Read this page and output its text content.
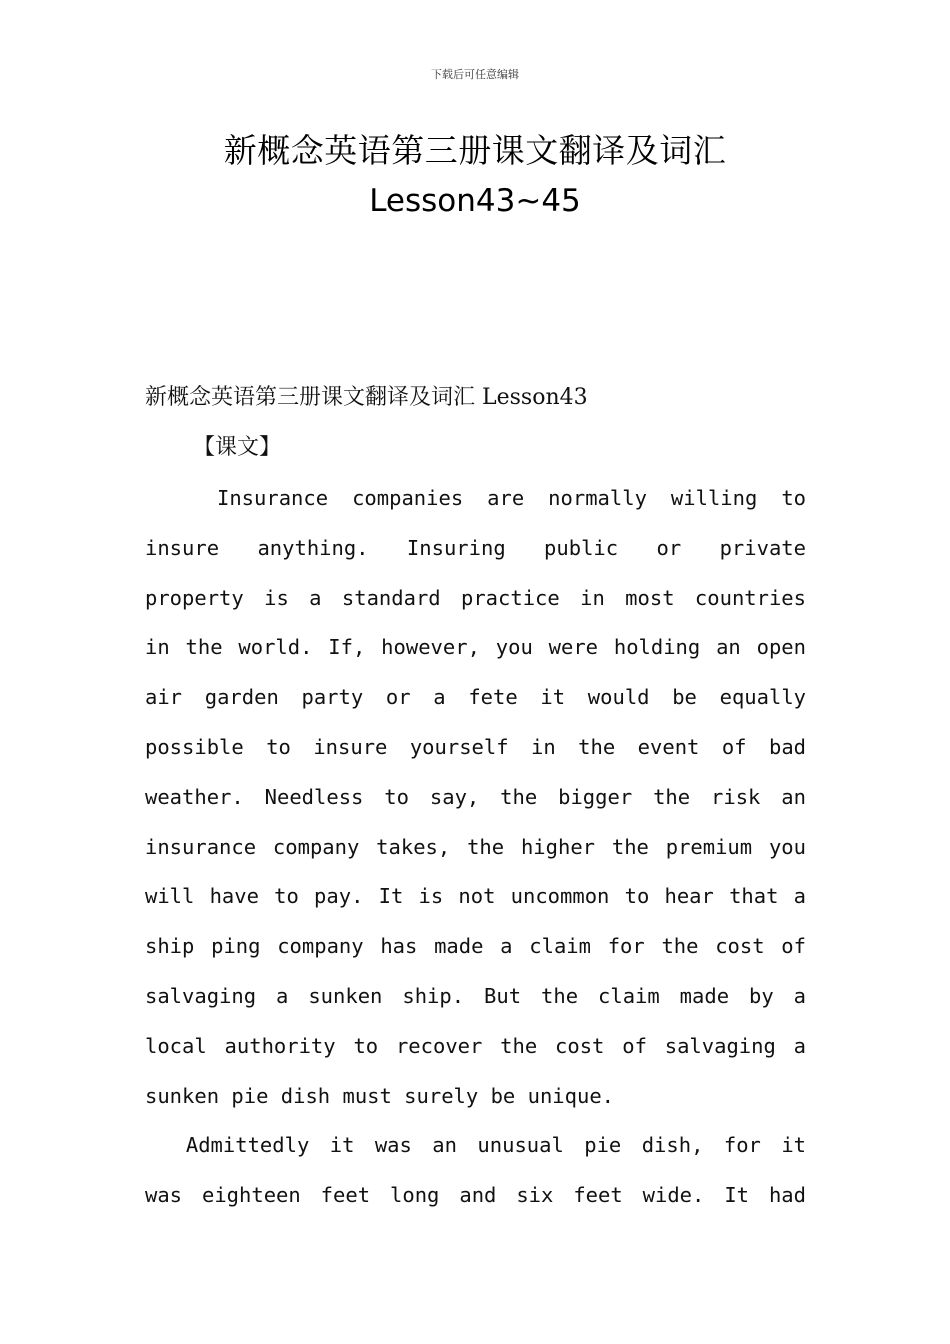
下载后可任意编辑
新概念英语第三册课文翻译及词汇
Lesson43~45
新概念英语第三册课文翻译及词汇 Lesson43
【课文】
Insurance companies are normally willing to
insure anything. Insuring public or private
property is a standard practice in most countries
in the world. If, however, you were holding an open
air garden party or a fete it would be equally
possible to insure yourself in the event of bad
weather. Needless to say, the bigger the risk an
insurance company takes, the higher the premium you
will have to pay. It is not uncommon to hear that a
ship ping company has made a claim for the cost of
salvaging a sunken ship. But the claim made by a
local authority to recover the cost of salvaging a
sunken pie dish must surely be unique.
Admittedly it was an unusual pie dish, for it
was eighteen feet long and six feet wide. It had
